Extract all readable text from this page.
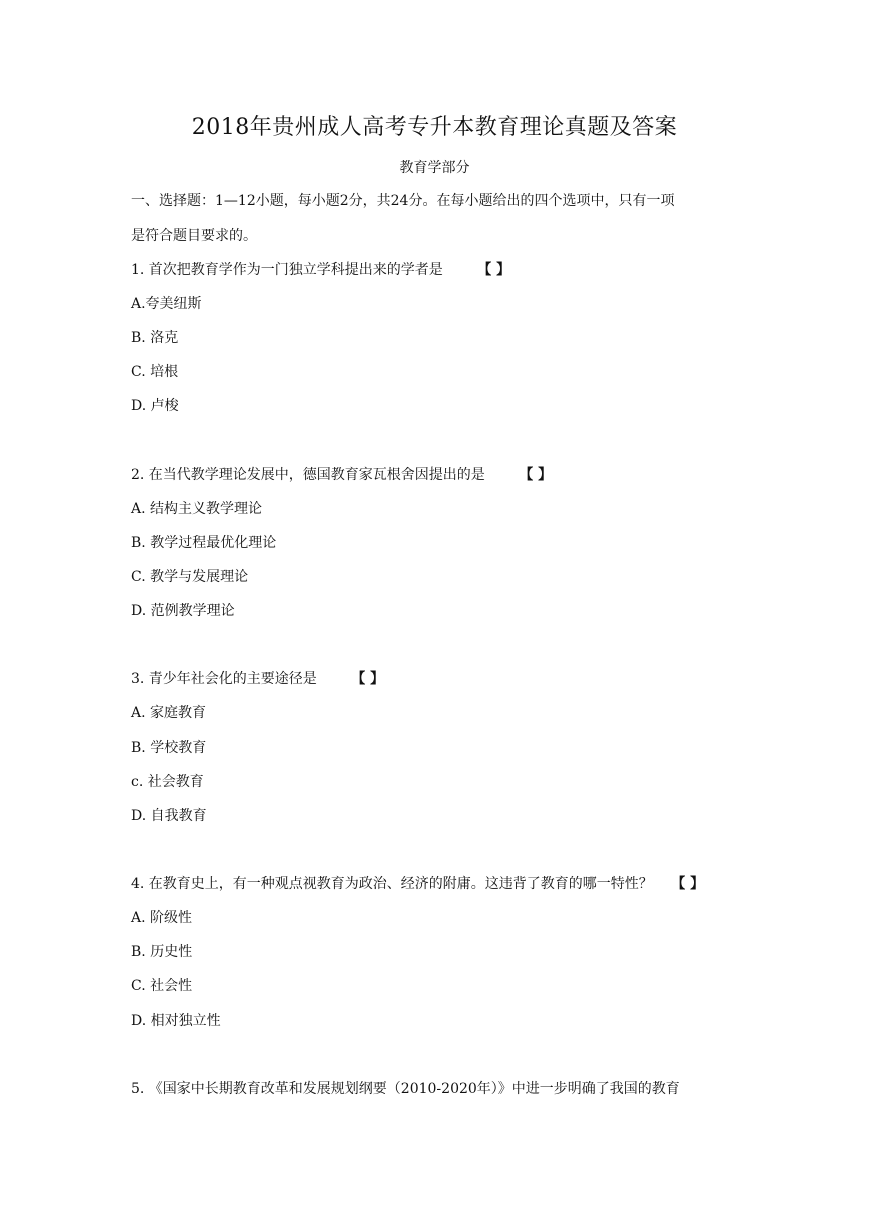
2018年贵州成人高考专升本教育理论真题及答案
教育学部分
一、选择题：1—12小题，每小题2分，共24分。在每小题给出的四个选项中，只有一项
是符合题目要求的。
1. 首次把教育学作为一门独立学科提出来的学者是 【 】
A.夸美纽斯
B. 洛克
C. 培根
D. 卢梭
2. 在当代教学理论发展中，德国教育家瓦根舍因提出的是 【 】
A. 结构主义教学理论
B. 教学过程最优化理论
C. 教学与发展理论
D. 范例教学理论
3. 青少年社会化的主要途径是 【 】
A. 家庭教育
B. 学校教育
c. 社会教育
D. 自我教育
4. 在教育史上，有一种观点视教育为政治、经济的附庸。这违背了教育的哪一特性？ 【 】
A. 阶级性
B. 历史性
C. 社会性
D. 相对独立性
5. 《国家中长期教育改革和发展规划纲要（2010-2020年）》中进一步明确了我国的教育
